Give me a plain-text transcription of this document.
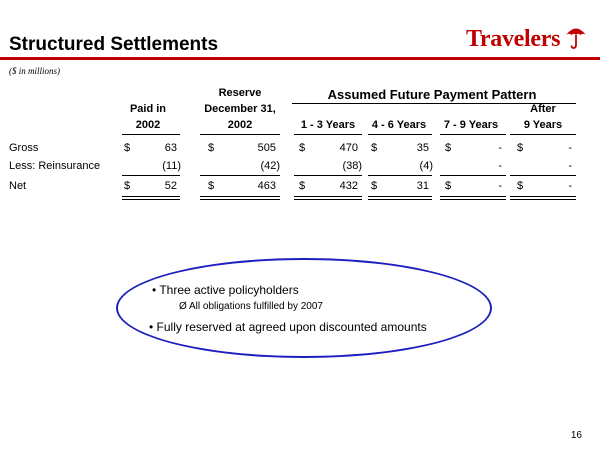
Structured Settlements
($ in millions)
Travelers
Assumed Future Payment Pattern
Paid in
2002
Reserve
December 31,
2002	1 - 3 Years	4 - 6 Years	7 - 9 Years
After
9 Years
Gross	$	63	$	505 $	470 $	35 $	- $	-
Less: Reinsurance	(11)	(42)	(38)	(4)	-	-
Net	$	52	$	463 $	432 $	31 $	- $	-
• Three active policyholders
Ø All obligations fulfilled by 2007
• Fully reserved at agreed upon discounted amounts
16
